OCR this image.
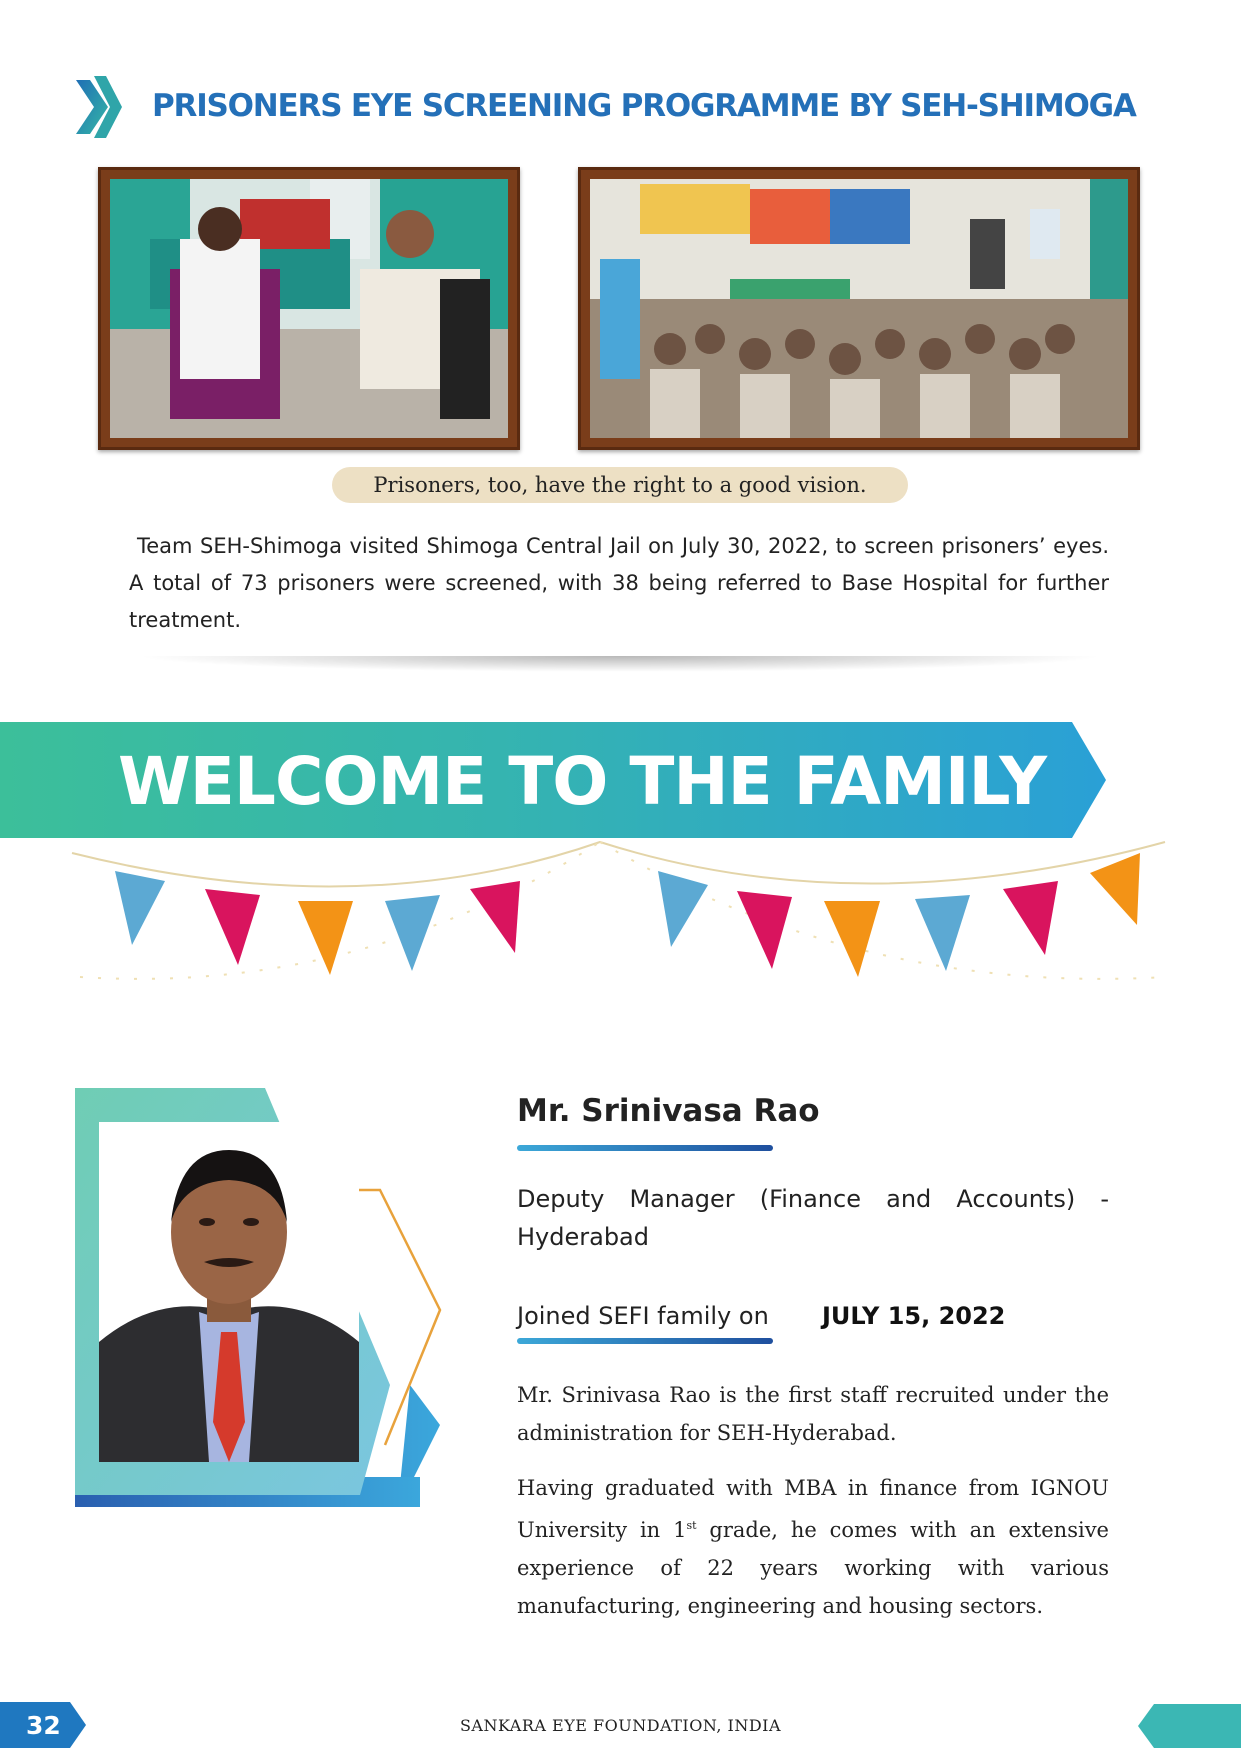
PRISONERS EYE SCREENING PROGRAMME BY SEH-SHIMOGA
Prisoners, too, have the right to a good vision.
Team SEH-Shimoga visited Shimoga Central Jail on July 30, 2022, to screen prisoners’ eyes. A total of 73 prisoners were screened, with 38 being referred to Base Hospital for further treatment.
WELCOME TO THE FAMILY
Mr. Srinivasa Rao
Deputy Manager (Finance and Accounts) - Hyderabad
Joined SEFI family on JULY 15, 2022
Mr. Srinivasa Rao is the first staff recruited under the administration for SEH-Hyderabad.
Having graduated with MBA in finance from IGNOU University in 1st grade, he comes with an extensive experience of 22 years working with various manufacturing, engineering and housing sectors.
32	SANKARA EYE FOUNDATION, INDIA
